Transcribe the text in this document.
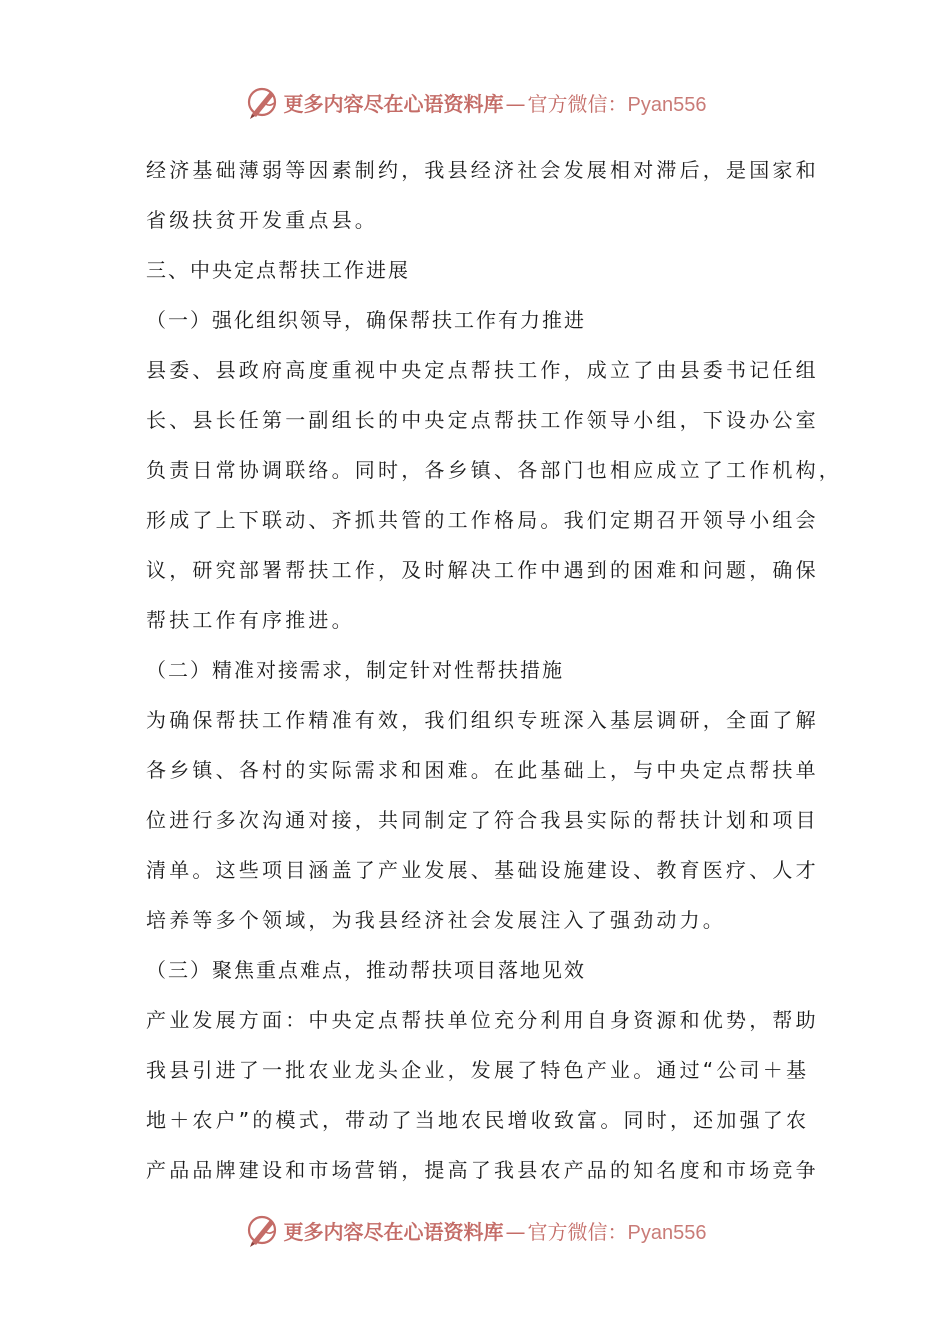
更多内容尽在心语资料库 — 官方微信： Pyan556

经济基础薄弱等因素制约，我县经济社会发展相对滞后，是国家和

省级扶贫开发重点县。

三、中央定点帮扶工作进展

（一）强化组织领导，确保帮扶工作有力推进

县委、县政府高度重视中央定点帮扶工作，成立了由县委书记任组

长、县长任第一副组长的中央定点帮扶工作领导小组，下设办公室

负责日常协调联络。同时，各乡镇、各部门也相应成立了工作机构，

形成了上下联动、齐抓共管的工作格局。我们定期召开领导小组会

议，研究部署帮扶工作，及时解决工作中遇到的困难和问题，确保

帮扶工作有序推进。

（二）精准对接需求，制定针对性帮扶措施

为确保帮扶工作精准有效，我们组织专班深入基层调研，全面了解

各乡镇、各村的实际需求和困难。在此基础上，与中央定点帮扶单

位进行多次沟通对接，共同制定了符合我县实际的帮扶计划和项目

清单。这些项目涵盖了产业发展、基础设施建设、教育医疗、人才

培养等多个领域，为我县经济社会发展注入了强劲动力。

（三）聚焦重点难点，推动帮扶项目落地见效

产业发展方面：中央定点帮扶单位充分利用自身资源和优势，帮助

我县引进了一批农业龙头企业，发展了特色产业。通过“公司＋基

地＋农户”的模式，带动了当地农民增收致富。同时，还加强了农

产品品牌建设和市场营销，提高了我县农产品的知名度和市场竞争

更多内容尽在心语资料库 — 官方微信： Pyan556
